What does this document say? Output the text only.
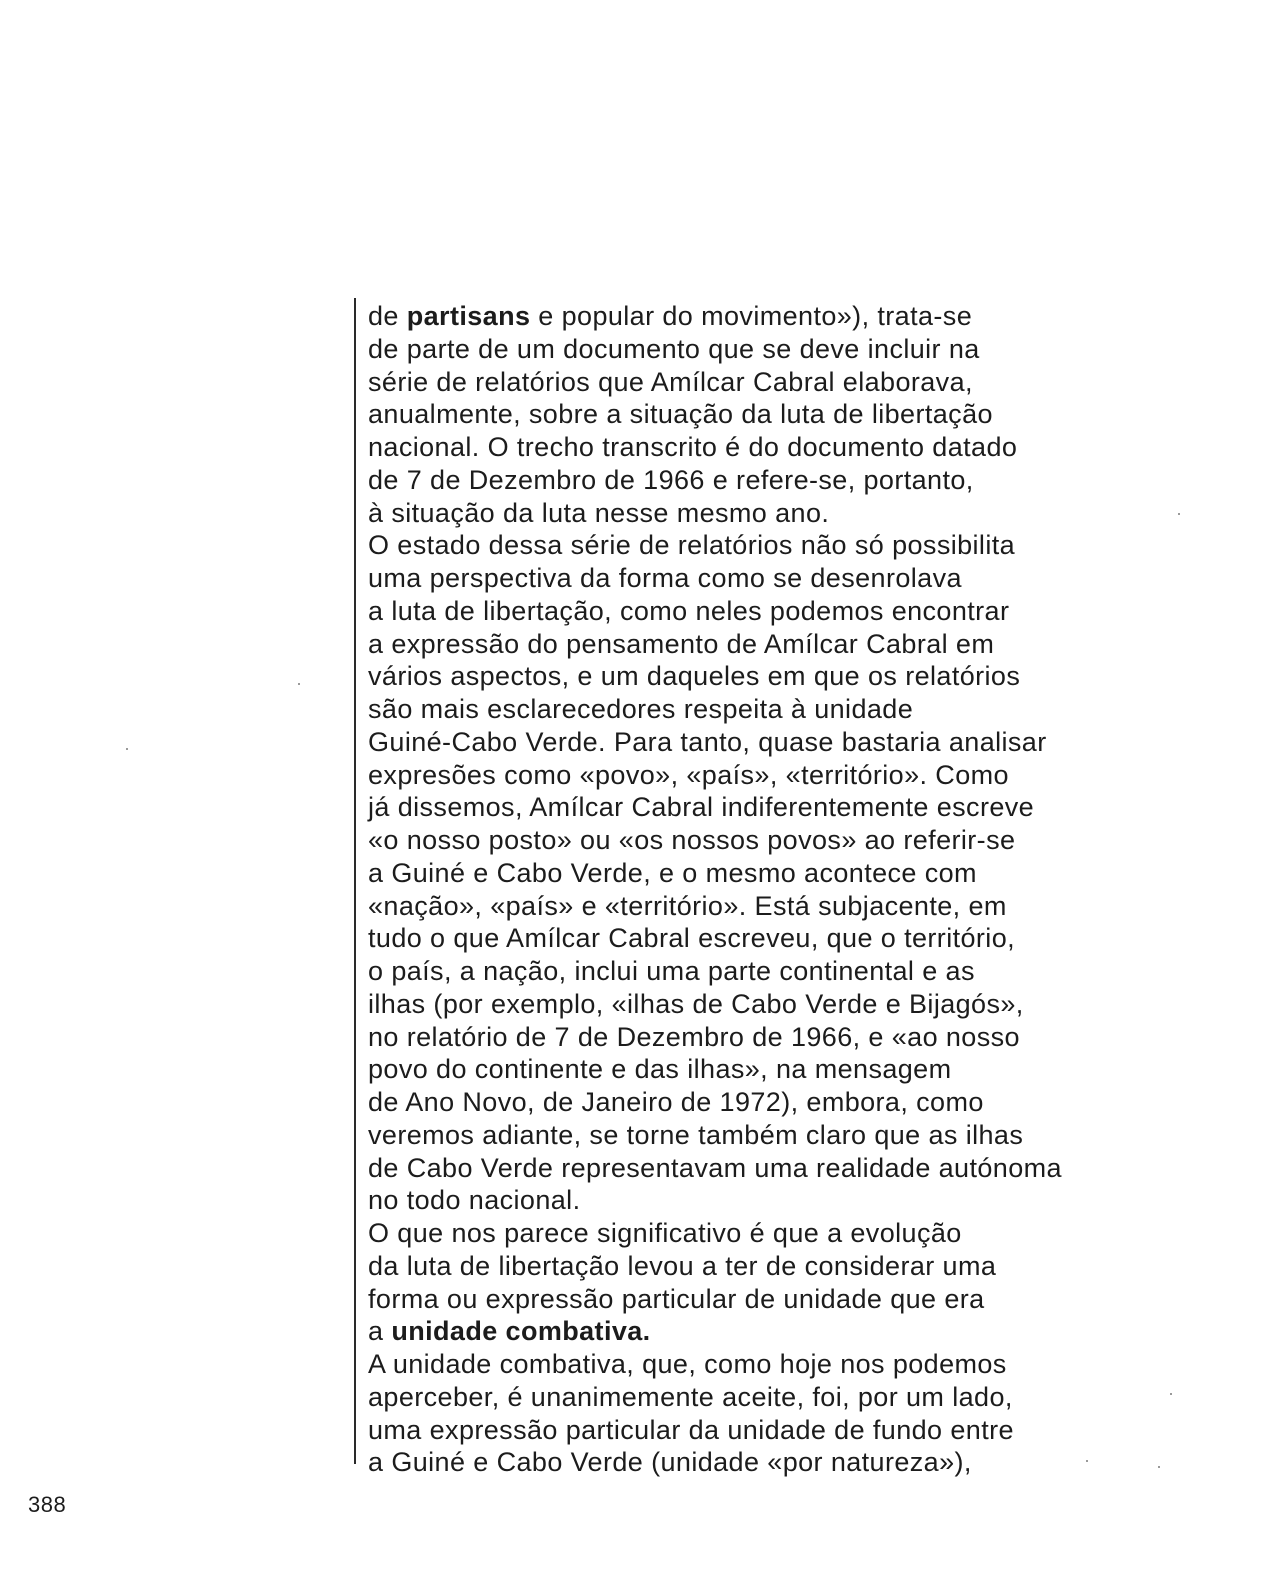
de partisans e popular do movimento»), trata-se
de parte de um documento que se deve incluir na
série de relatórios que Amílcar Cabral elaborava,
anualmente, sobre a situação da luta de libertação
nacional. O trecho transcrito é do documento datado
de 7 de Dezembro de 1966 e refere-se, portanto,
à situação da luta nesse mesmo ano.
O estado dessa série de relatórios não só possibilita
uma perspectiva da forma como se desenrolava
a luta de libertação, como neles podemos encontrar
a expressão do pensamento de Amílcar Cabral em
vários aspectos, e um daqueles em que os relatórios
são mais esclarecedores respeita à unidade
Guiné-Cabo Verde. Para tanto, quase bastaria analisar
expresões como «povo», «país», «território». Como
já dissemos, Amílcar Cabral indiferentemente escreve
«o nosso posto» ou «os nossos povos» ao referir-se
a Guiné e Cabo Verde, e o mesmo acontece com
«nação», «país» e «território». Está subjacente, em
tudo o que Amílcar Cabral escreveu, que o território,
o país, a nação, inclui uma parte continental e as
ilhas (por exemplo, «ilhas de Cabo Verde e Bijagós»,
no relatório de 7 de Dezembro de 1966, e «ao nosso
povo do continente e das ilhas», na mensagem
de Ano Novo, de Janeiro de 1972), embora, como
veremos adiante, se torne também claro que as ilhas
de Cabo Verde representavam uma realidade autónoma
no todo nacional.
O que nos parece significativo é que a evolução
da luta de libertação levou a ter de considerar uma
forma ou expressão particular de unidade que era
a unidade combativa.
A unidade combativa, que, como hoje nos podemos
aperceber, é unanimemente aceite, foi, por um lado,
uma expressão particular da unidade de fundo entre
a Guiné e Cabo Verde (unidade «por natureza»),
388
